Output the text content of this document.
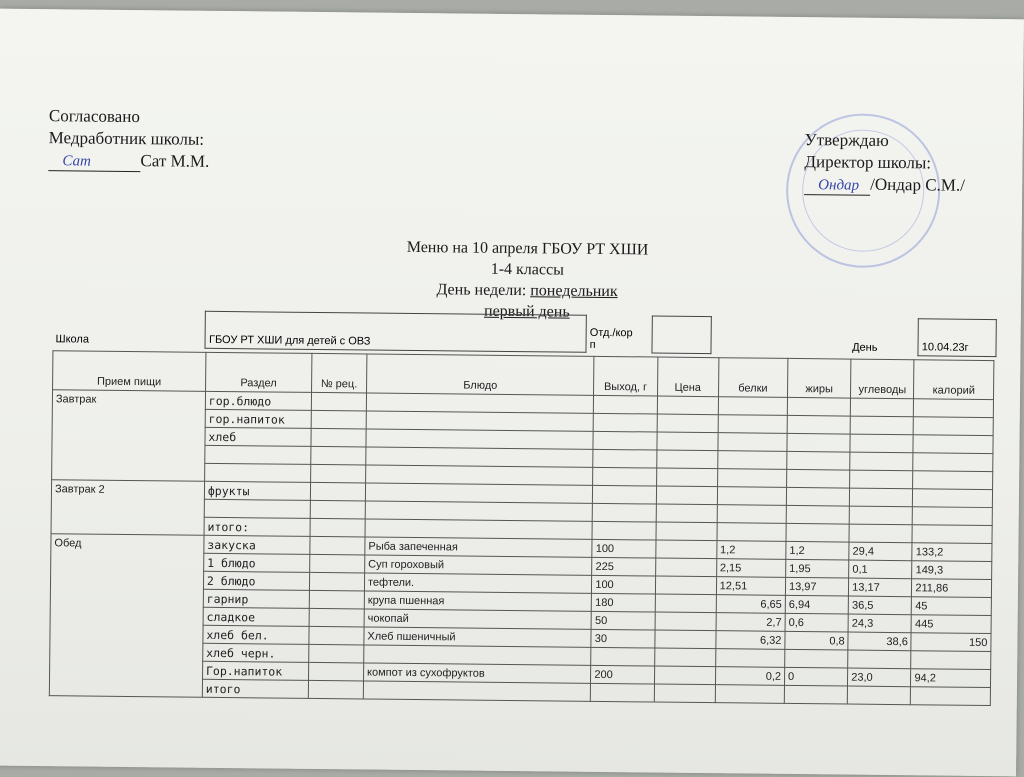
Согласовано
Медработник школы:
Сат	Сат М.М.
Утверждаю
Директор школы:
Ондар /Ондар С.М./
Меню на 10 апреля ГБОУ РТ ХШИ
1-4 классы
День недели: понедельник
первый день
Школа	ГБОУ РТ ХШИ для детей с ОВЗ	Отд./кор
п			День	10.04.23г
Прием пищи	Раздел	№ рец.	Блюдо	Выход, г	Цена	белки	жиры	углеводы	калорий
Завтрак	гор.блюдо								
	гор.напиток								
	хлеб								

Завтрак 2	фрукты								

	итого:								
Обед	закуска		Рыба запеченная	100		1,2	1,2	29,4	133,2
	1 блюдо		Суп гороховый	225		2,15	1,95	0,1	149,3
	2 блюдо		тефтели.	100		12,51	13,97	13,17	211,86
	гарнир		крупа пшенная	180		6,65	6,94	36,5	45
	сладкое		чокопай	50		2,7	0,6	24,3	445
	хлеб бел.		Хлеб пшеничный	30		6,32	0,8	38,6	150
	хлеб черн.								
	Гор.напиток		компот из сухофруктов	200		0,2	0	23,0	94,2
	итого								
